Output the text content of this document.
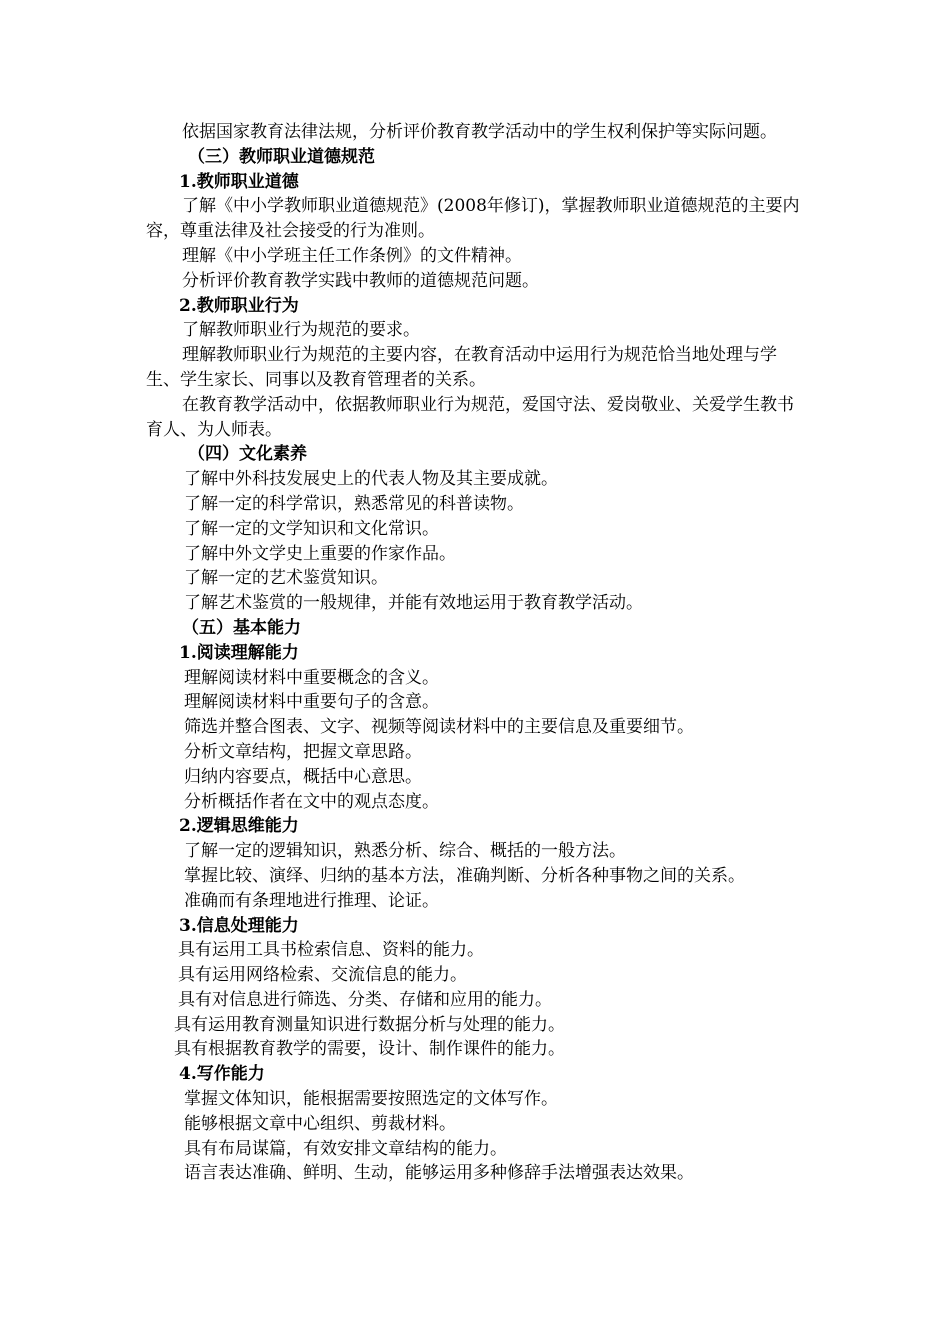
依据国家教育法律法规，分析评价教育教学活动中的学生权利保护等实际问题。
（三）教师职业道德规范
1.教师职业道德
了解《中小学教师职业道德规范》(2008年修订)，掌握教师职业道德规范的主要内容，尊重法律及社会接受的行为准则。
理解《中小学班主任工作条例》的文件精神。
分析评价教育教学实践中教师的道德规范问题。
2.教师职业行为
了解教师职业行为规范的要求。
理解教师职业行为规范的主要内容，在教育活动中运用行为规范恰当地处理与学生、学生家长、同事以及教育管理者的关系。
在教育教学活动中，依据教师职业行为规范，爱国守法、爱岗敬业、关爱学生教书育人、为人师表。
（四）文化素养
了解中外科技发展史上的代表人物及其主要成就。
了解一定的科学常识，熟悉常见的科普读物。
了解一定的文学知识和文化常识。
了解中外文学史上重要的作家作品。
了解一定的艺术鉴赏知识。
了解艺术鉴赏的一般规律，并能有效地运用于教育教学活动。
（五）基本能力
1.阅读理解能力
理解阅读材料中重要概念的含义。
理解阅读材料中重要句子的含意。
筛选并整合图表、文字、视频等阅读材料中的主要信息及重要细节。
分析文章结构，把握文章思路。
归纳内容要点，概括中心意思。
分析概括作者在文中的观点态度。
2.逻辑思维能力
了解一定的逻辑知识，熟悉分析、综合、概括的一般方法。
掌握比较、演绎、归纳的基本方法，准确判断、分析各种事物之间的关系。
准确而有条理地进行推理、论证。
3.信息处理能力
具有运用工具书检索信息、资料的能力。
具有运用网络检索、交流信息的能力。
具有对信息进行筛选、分类、存储和应用的能力。
具有运用教育测量知识进行数据分析与处理的能力。
具有根据教育教学的需要，设计、制作课件的能力。
4.写作能力
掌握文体知识，能根据需要按照选定的文体写作。
能够根据文章中心组织、剪裁材料。
具有布局谋篇，有效安排文章结构的能力。
语言表达准确、鲜明、生动，能够运用多种修辞手法增强表达效果。
